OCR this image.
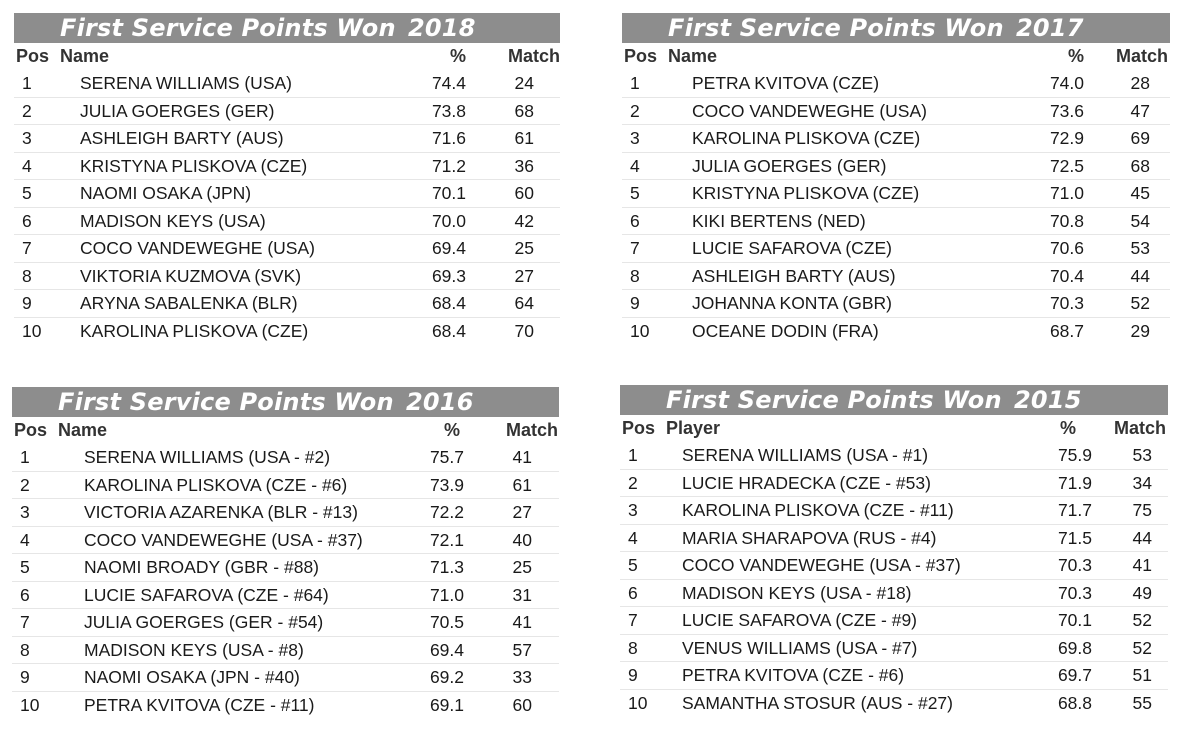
First Service Points Won 2018
Pos Name	%	Match
1	SERENA WILLIAMS (USA)	74.4	24
2	JULIA GOERGES (GER)	73.8	68
3	ASHLEIGH BARTY (AUS)	71.6	61
4	KRISTYNA PLISKOVA (CZE)	71.2	36
5	NAOMI OSAKA (JPN)	70.1	60
6	MADISON KEYS (USA)	70.0	42
7	COCO VANDEWEGHE (USA)	69.4	25
8	VIKTORIA KUZMOVA (SVK)	69.3	27
9	ARYNA SABALENKA (BLR)	68.4	64
10	KAROLINA PLISKOVA (CZE)	68.4	70
First Service Points Won 2017
Pos Name	%	Match
1	PETRA KVITOVA (CZE)	74.0	28
2	COCO VANDEWEGHE (USA)	73.6	47
3	KAROLINA PLISKOVA (CZE)	72.9	69
4	JULIA GOERGES (GER)	72.5	68
5	KRISTYNA PLISKOVA (CZE)	71.0	45
6	KIKI BERTENS (NED)	70.8	54
7	LUCIE SAFAROVA (CZE)	70.6	53
8	ASHLEIGH BARTY (AUS)	70.4	44
9	JOHANNA KONTA (GBR)	70.3	52
10	OCEANE DODIN (FRA)	68.7	29
First Service Points Won 2016
Pos Name	%	Match
1	SERENA WILLIAMS (USA - #2)	75.7	41
2	KAROLINA PLISKOVA (CZE - #6)	73.9	61
3	VICTORIA AZARENKA (BLR - #13)	72.2	27
4	COCO VANDEWEGHE (USA - #37)	72.1	40
5	NAOMI BROADY (GBR - #88)	71.3	25
6	LUCIE SAFAROVA (CZE - #64)	71.0	31
7	JULIA GOERGES (GER - #54)	70.5	41
8	MADISON KEYS (USA - #8)	69.4	57
9	NAOMI OSAKA (JPN - #40)	69.2	33
10	PETRA KVITOVA (CZE - #11)	69.1	60
First Service Points Won 2015
Pos Player	%	Match
1	SERENA WILLIAMS (USA - #1)	75.9	53
2	LUCIE HRADECKA (CZE - #53)	71.9	34
3	KAROLINA PLISKOVA (CZE - #11)	71.7	75
4	MARIA SHARAPOVA (RUS - #4)	71.5	44
5	COCO VANDEWEGHE (USA - #37)	70.3	41
6	MADISON KEYS (USA - #18)	70.3	49
7	LUCIE SAFAROVA (CZE - #9)	70.1	52
8	VENUS WILLIAMS (USA - #7)	69.8	52
9	PETRA KVITOVA (CZE - #6)	69.7	51
10	SAMANTHA STOSUR (AUS - #27)	68.8	55
